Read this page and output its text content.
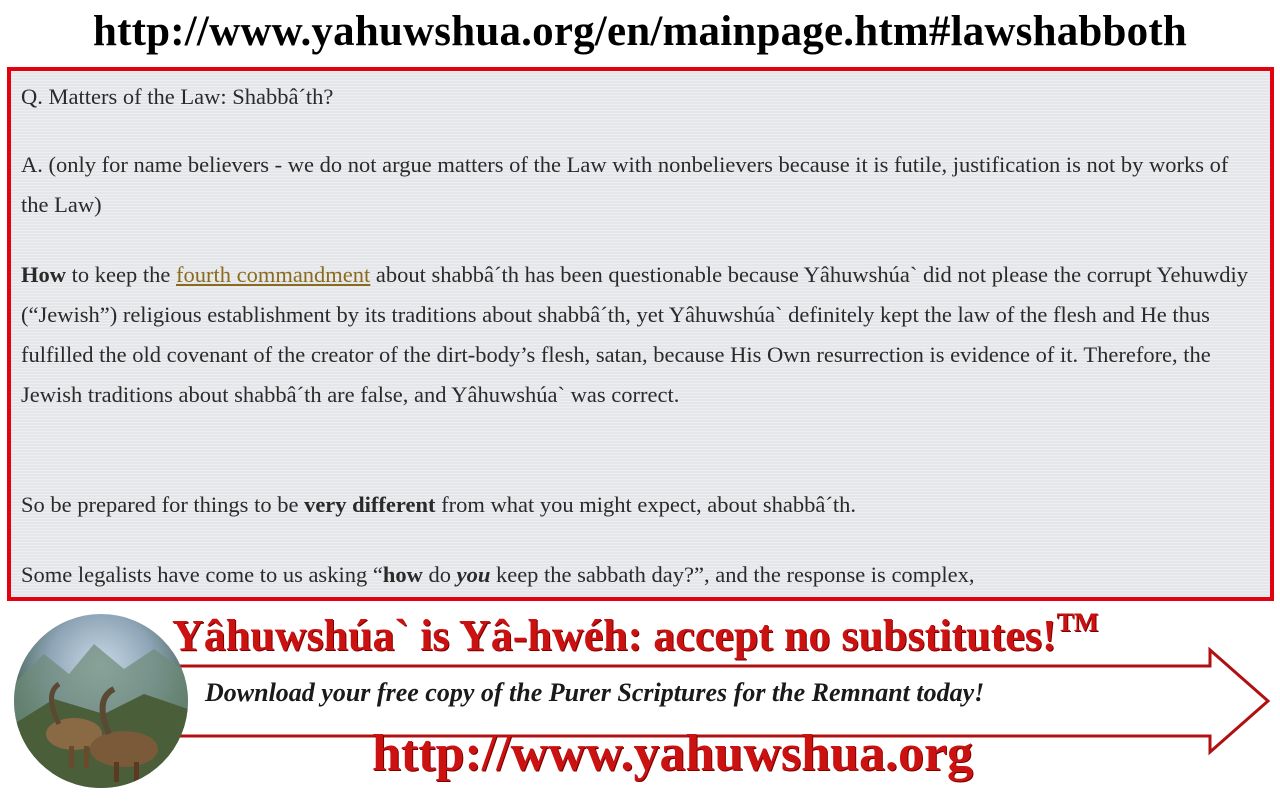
http://www.yahuwshua.org/en/mainpage.htm#lawshabboth

Q. Matters of the Law: Shabbâ´th?

A. (only for name believers - we do not argue matters of the Law with nonbelievers because it is futile, justification is not by works of the Law)

How to keep the fourth commandment about shabbâ´th has been questionable because Yâhuwshúa` did not please the corrupt Yehuwdiy (“Jewish”) religious establishment by its traditions about shabbâ´th, yet Yâhuwshúa` definitely kept the law of the flesh and He thus fulfilled the old covenant of the creator of the dirt-body’s flesh, satan, because His Own resurrection is evidence of it. Therefore, the Jewish traditions about shabbâ´th are false, and Yâhuwshúa` was correct.

So be prepared for things to be very different from what you might expect, about shabbâ´th.

Some legalists have come to us asking “how do you keep the sabbath day?”, and the response is complex,

Yâhuwshúa` is Yâ-hwéh: accept no substitutes!™
Download your free copy of the Purer Scriptures for the Remnant today!
http://www.yahuwshua.org
